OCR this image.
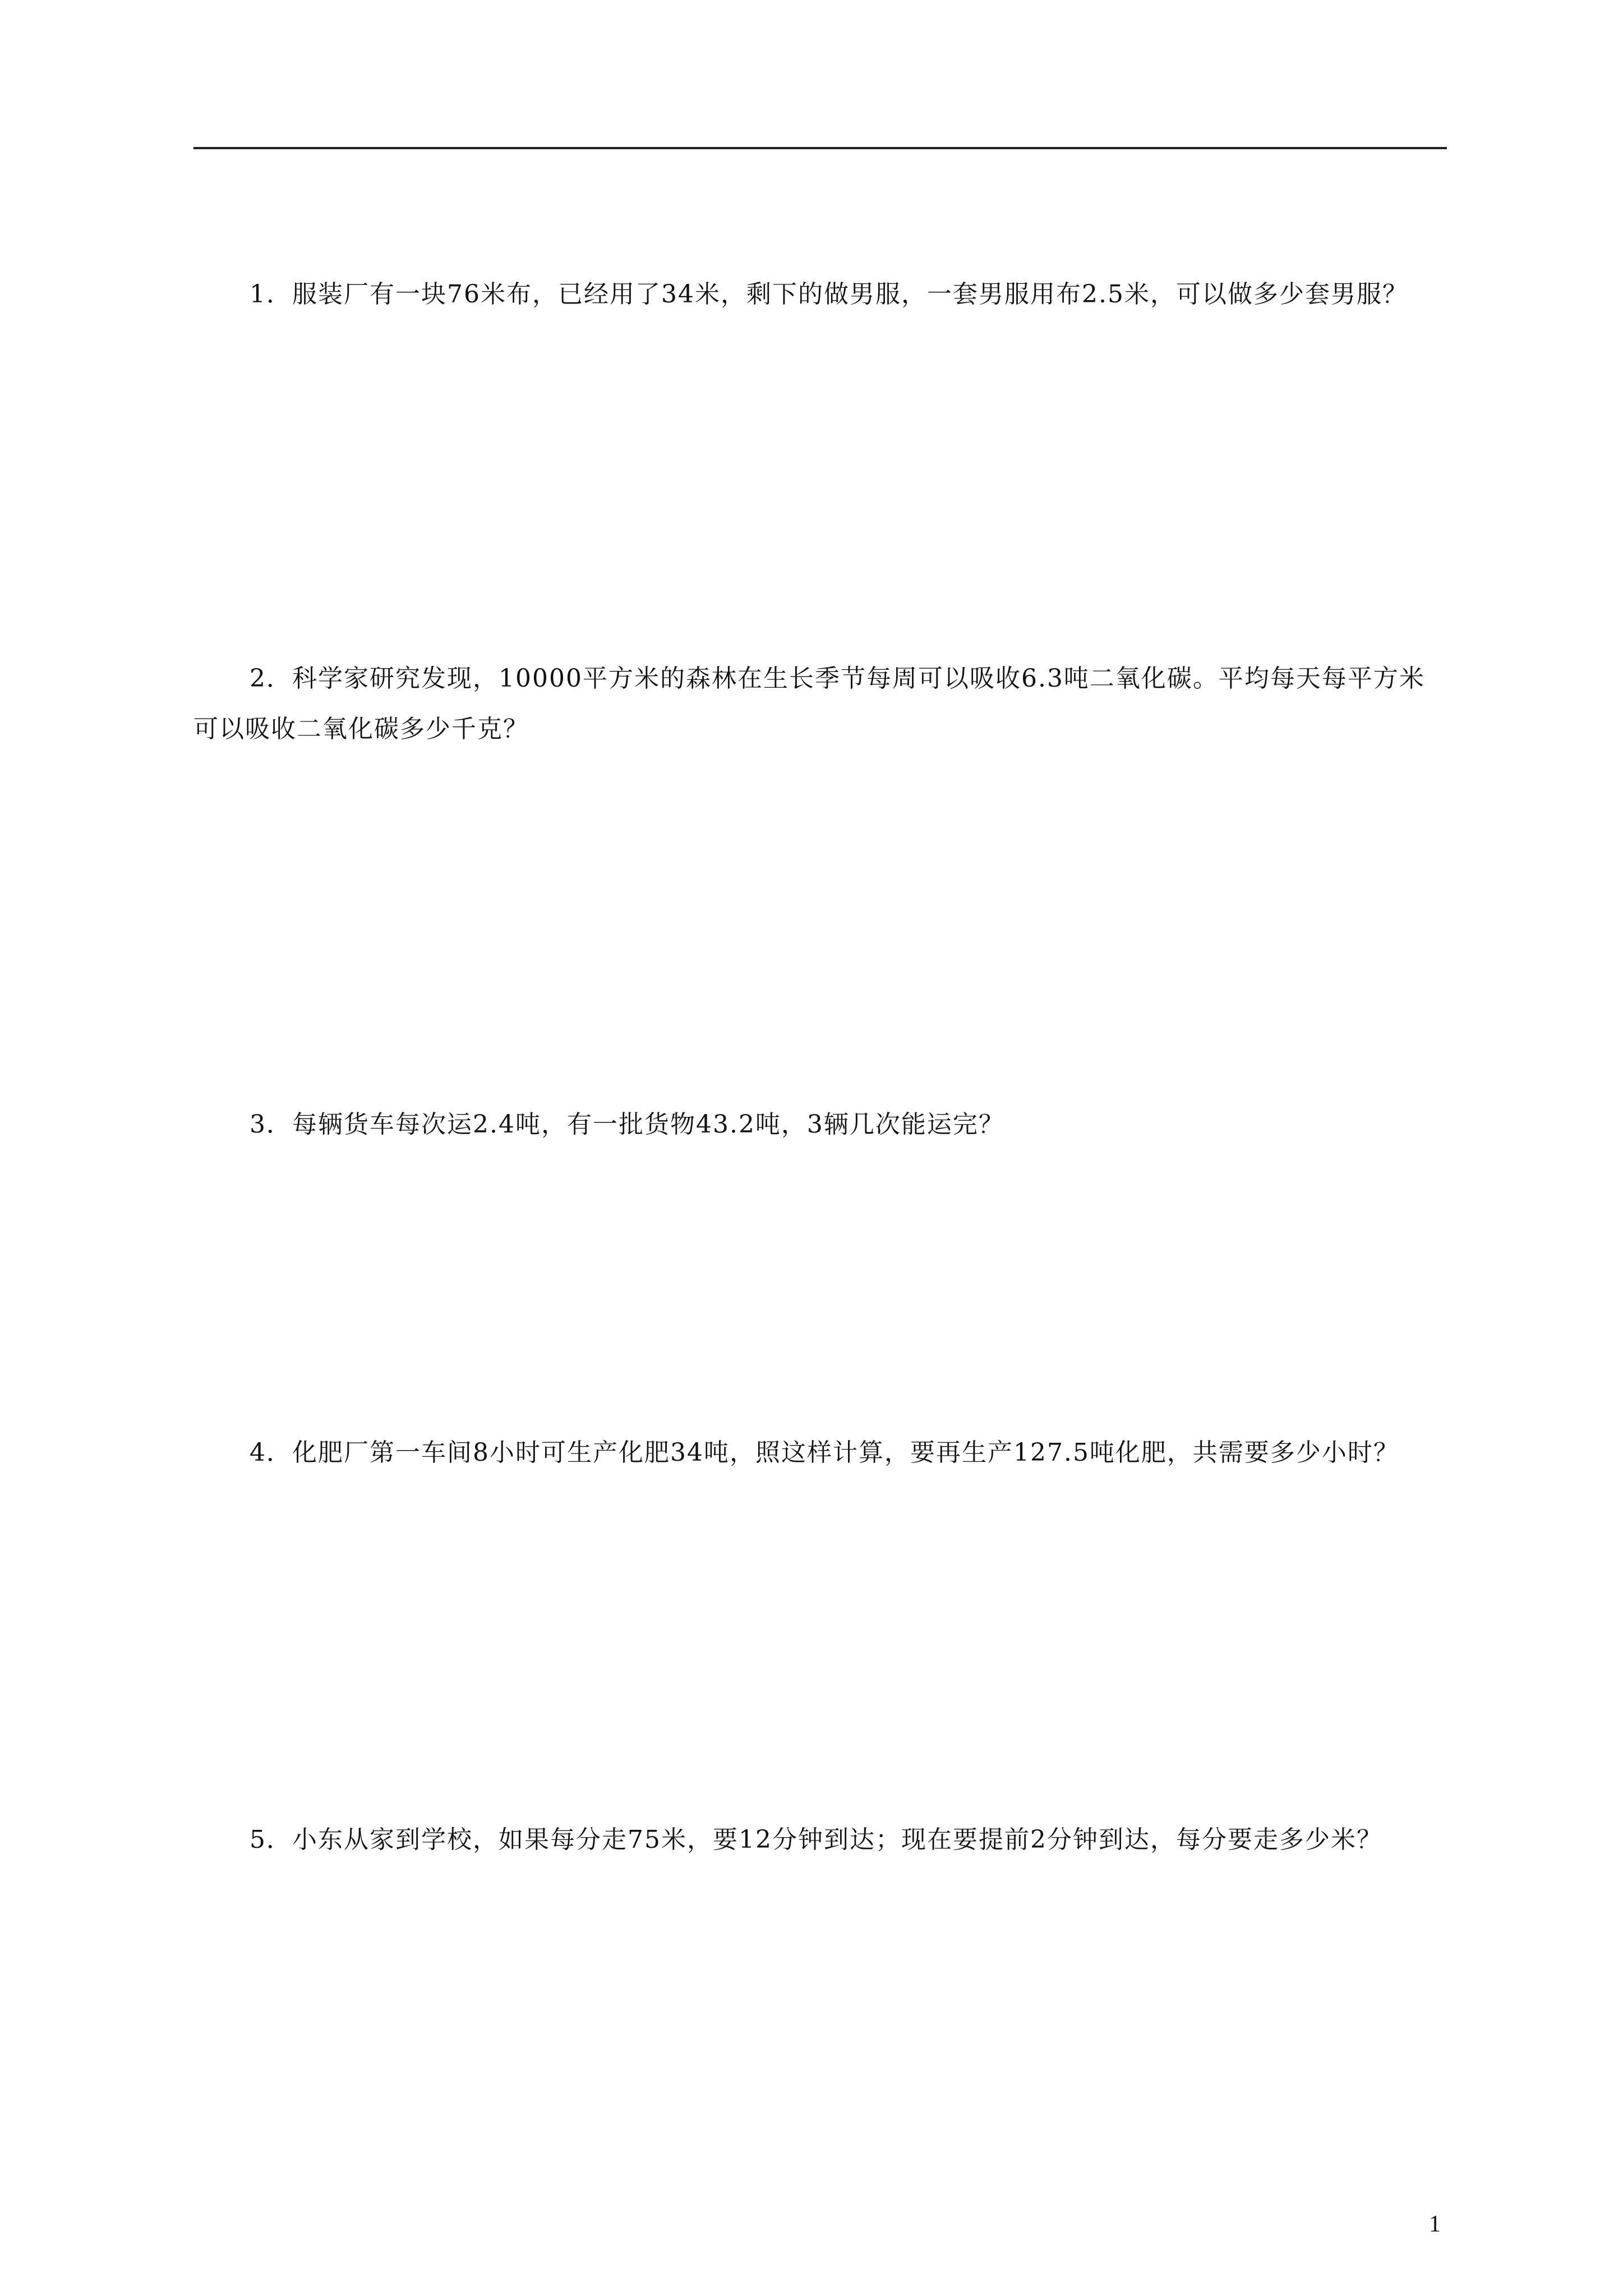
1．服装厂有一块76米布，已经用了34米，剩下的做男服，一套男服用布2.5米，可以做多少套男服？

2．科学家研究发现，10000平方米的森林在生长季节每周可以吸收6.3吨二氧化碳。平均每天每平方米可以吸收二氧化碳多少千克？

3．每辆货车每次运2.4吨，有一批货物43.2吨，3辆几次能运完？

4．化肥厂第一车间8小时可生产化肥34吨，照这样计算，要再生产127.5吨化肥，共需要多少小时？

5．小东从家到学校，如果每分走75米，要12分钟到达；现在要提前2分钟到达，每分要走多少米？

1
